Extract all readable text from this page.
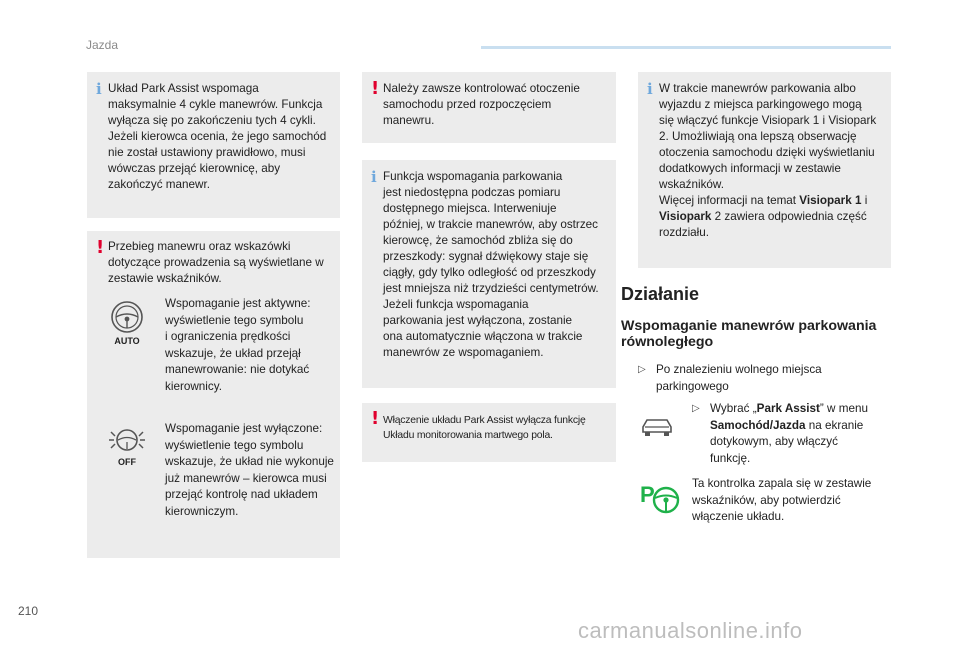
Jazda
210
carmanualsonline.info
i Układ Park Assist wspomaga
maksymalnie 4 cykle manewrów. Funkcja
wyłącza się po zakończeniu tych 4 cykli.
Jeżeli kierowca ocenia, że jego samochód
nie został ustawiony prawidłowo, musi
wówczas przejąć kierownicę, aby
zakończyć manewr.
! Przebieg manewru oraz wskazówki
dotyczące prowadzenia są wyświetlane w
zestawie wskaźników.
AUTO
Wspomaganie jest aktywne:
wyświetlenie tego symbolu
i ograniczenia prędkości
wskazuje, że układ przejął
manewrowanie: nie dotykać
kierownicy.
OFF
Wspomaganie jest wyłączone:
wyświetlenie tego symbolu
wskazuje, że układ nie wykonuje
już manewrów – kierowca musi
przejąć kontrolę nad układem
kierowniczym.
! Należy zawsze kontrolować otoczenie
samochodu przed rozpoczęciem
manewru.
i Funkcja wspomagania parkowania
jest niedostępna podczas pomiaru
dostępnego miejsca. Interweniuje
później, w trakcie manewrów, aby ostrzec
kierowcę, że samochód zbliża się do
przeszkody: sygnał dźwiękowy staje się
ciągły, gdy tylko odległość od przeszkody
jest mniejsza niż trzydzieści centymetrów.
Jeżeli funkcja wspomagania
parkowania jest wyłączona, zostanie
ona automatycznie włączona w trakcie
manewrów ze wspomaganiem.
! Włączenie układu Park Assist wyłącza funkcję
Układu monitorowania martwego pola.
i W trakcie manewrów parkowania albo
wyjazdu z miejsca parkingowego mogą
się włączyć funkcje Visiopark 1 i Visiopark
2. Umożliwiają ona lepszą obserwację
otoczenia samochodu dzięki wyświetlaniu
dodatkowych informacji w zestawie
wskaźników.
Więcej informacji na temat Visiopark 1 i
Visiopark 2 zawiera odpowiednia część
rozdziału.
Działanie
Wspomaganie manewrów parkowania równoległego
▷ Po znalezieniu wolnego miejsca
parkingowego
▷ Wybrać „Park Assist” w menu
Samochód/Jazda na ekranie
dotykowym, aby włączyć
funkcję.
P	Ta kontrolka zapala się w zestawie
wskaźników, aby potwierdzić
włączenie układu.
